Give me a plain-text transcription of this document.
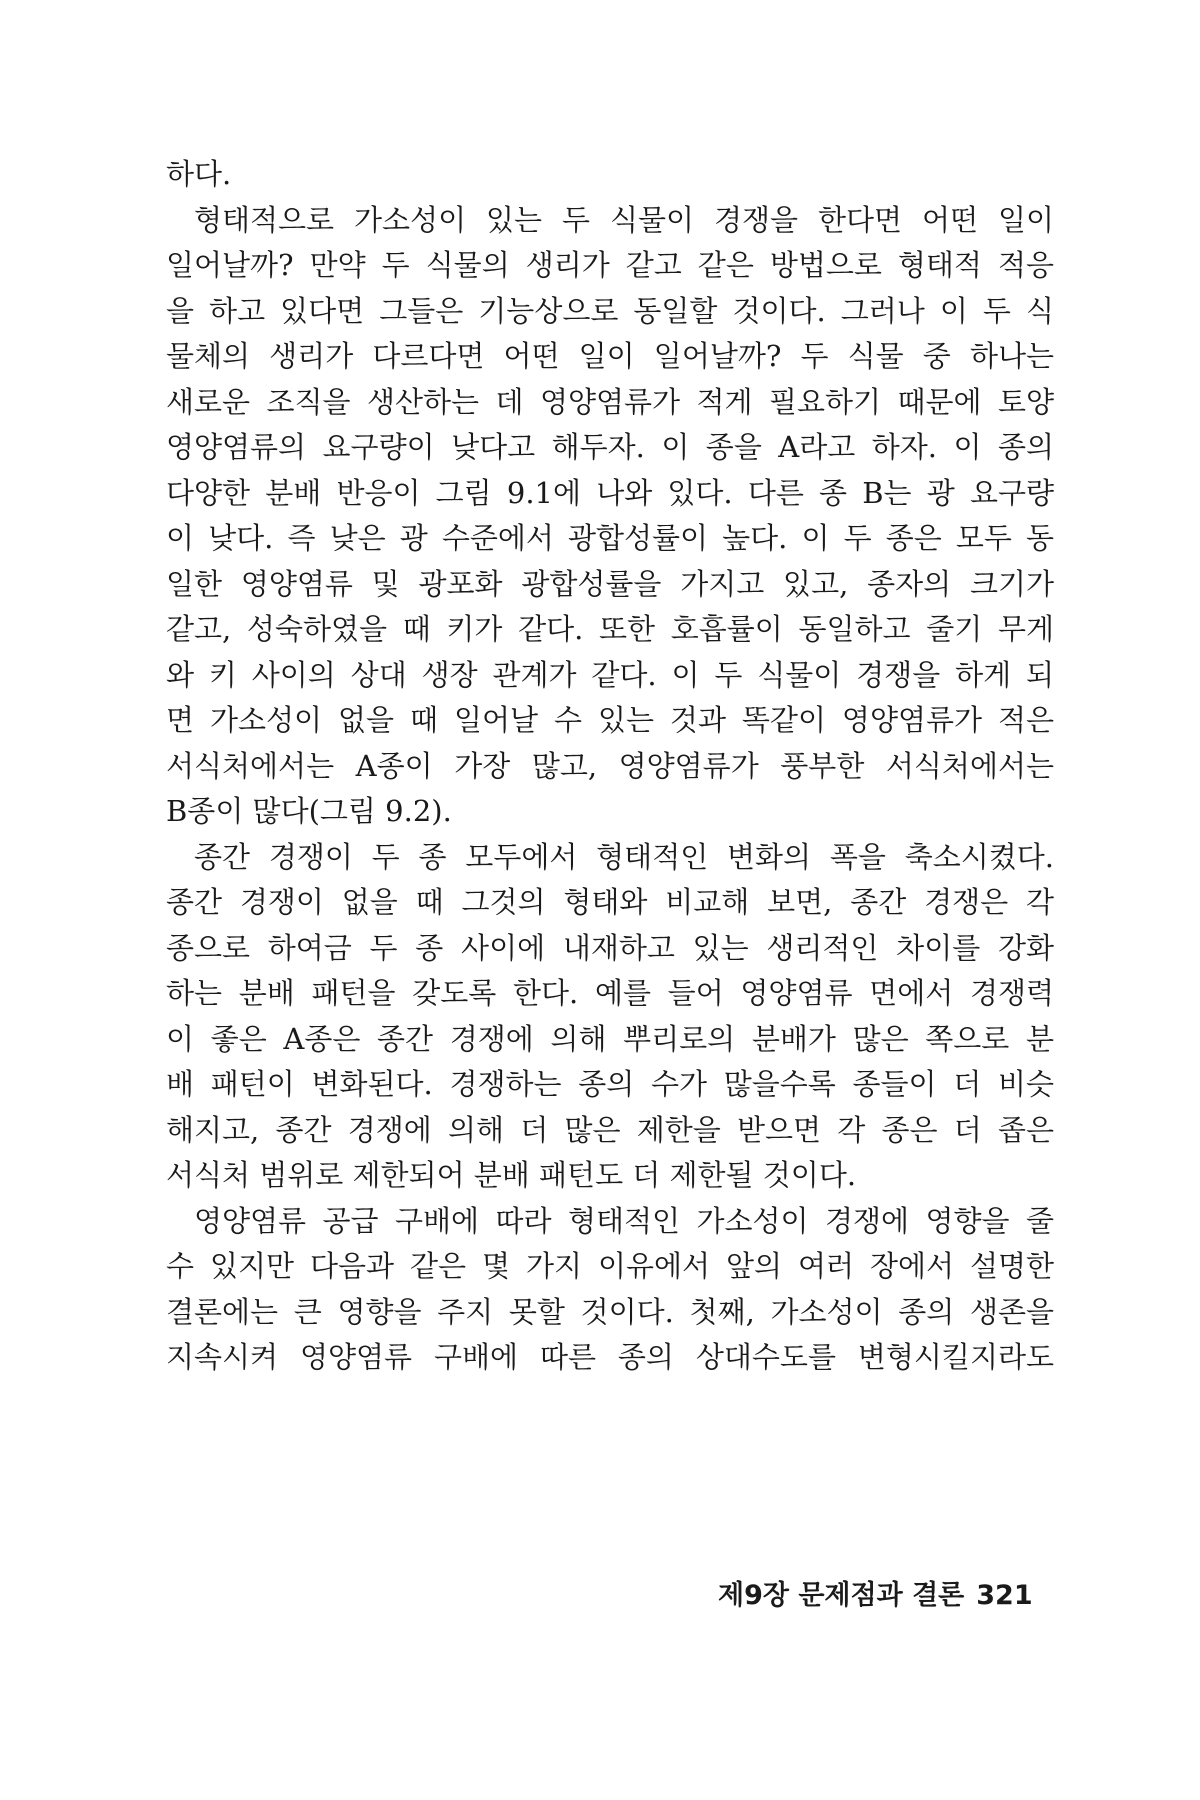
하다.
형태적으로 가소성이 있는 두 식물이 경쟁을 한다면 어떤 일이
일어날까? 만약 두 식물의 생리가 같고 같은 방법으로 형태적 적응
을 하고 있다면 그들은 기능상으로 동일할 것이다. 그러나 이 두 식
물체의 생리가 다르다면 어떤 일이 일어날까? 두 식물 중 하나는
새로운 조직을 생산하는 데 영양염류가 적게 필요하기 때문에 토양
영양염류의 요구량이 낮다고 해두자. 이 종을 A라고 하자. 이 종의
다양한 분배 반응이 그림 9.1에 나와 있다. 다른 종 B는 광 요구량
이 낮다. 즉 낮은 광 수준에서 광합성률이 높다. 이 두 종은 모두 동
일한 영양염류 및 광포화 광합성률을 가지고 있고, 종자의 크기가
같고, 성숙하였을 때 키가 같다. 또한 호흡률이 동일하고 줄기 무게
와 키 사이의 상대 생장 관계가 같다. 이 두 식물이 경쟁을 하게 되
면 가소성이 없을 때 일어날 수 있는 것과 똑같이 영양염류가 적은
서식처에서는 A종이 가장 많고, 영양염류가 풍부한 서식처에서는
B종이 많다(그림 9.2).
종간 경쟁이 두 종 모두에서 형태적인 변화의 폭을 축소시켰다.
종간 경쟁이 없을 때 그것의 형태와 비교해 보면, 종간 경쟁은 각
종으로 하여금 두 종 사이에 내재하고 있는 생리적인 차이를 강화
하는 분배 패턴을 갖도록 한다. 예를 들어 영양염류 면에서 경쟁력
이 좋은 A종은 종간 경쟁에 의해 뿌리로의 분배가 많은 쪽으로 분
배 패턴이 변화된다. 경쟁하는 종의 수가 많을수록 종들이 더 비슷
해지고, 종간 경쟁에 의해 더 많은 제한을 받으면 각 종은 더 좁은
서식처 범위로 제한되어 분배 패턴도 더 제한될 것이다.
영양염류 공급 구배에 따라 형태적인 가소성이 경쟁에 영향을 줄
수 있지만 다음과 같은 몇 가지 이유에서 앞의 여러 장에서 설명한
결론에는 큰 영향을 주지 못할 것이다. 첫째, 가소성이 종의 생존을
지속시켜 영양염류 구배에 따른 종의 상대수도를 변형시킬지라도
제9장 문제점과 결론 321
